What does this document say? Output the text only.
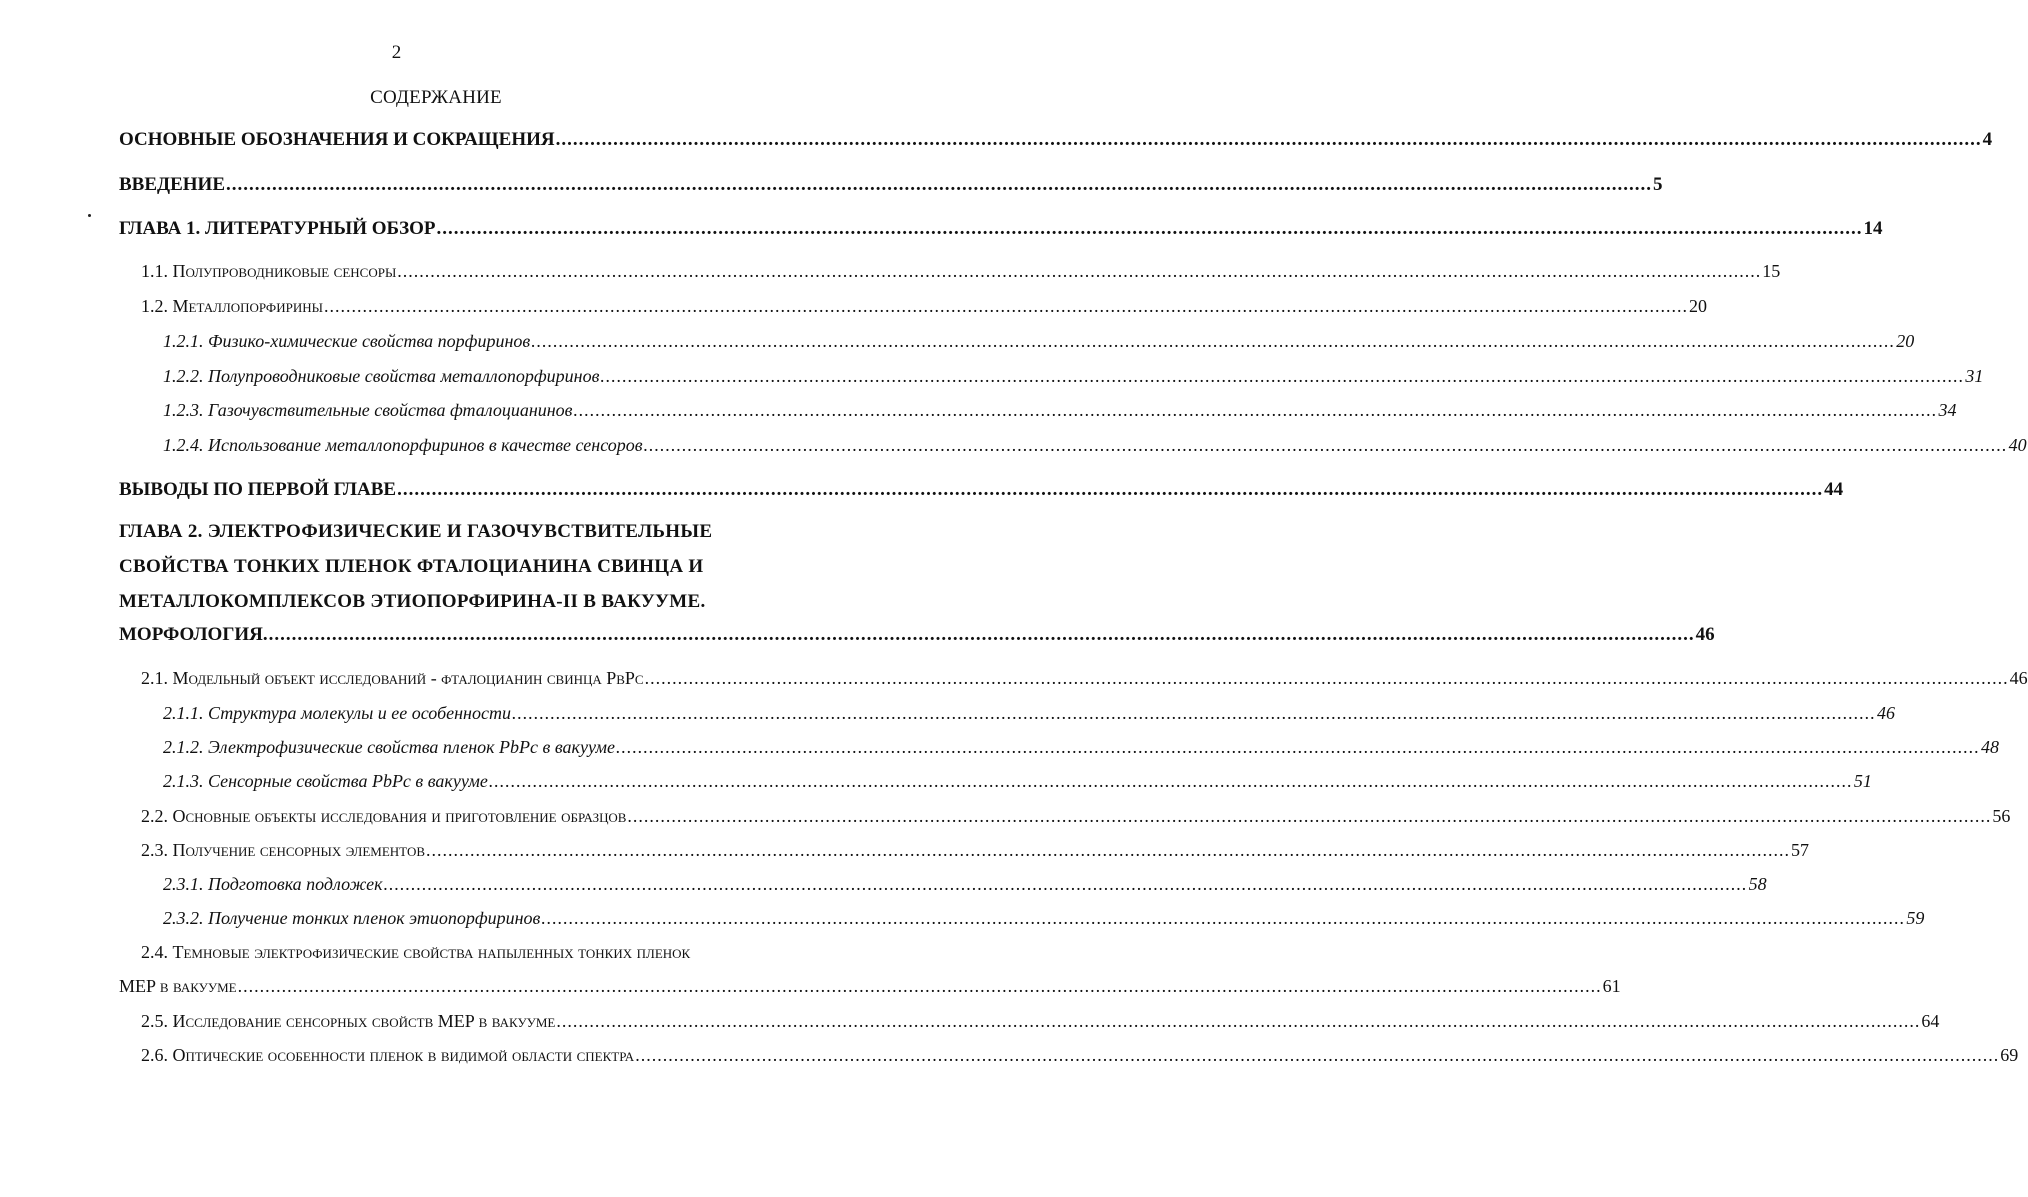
2
СОДЕРЖАНИЕ
ОСНОВНЫЕ ОБОЗНАЧЕНИЯ И СОКРАЩЕНИЯ .....	4
ВВЕДЕНИЕ .....	5
ГЛАВА 1. ЛИТЕРАТУРНЫЙ ОБЗОР .....	14
1.1. Полупроводниковые сенсоры .....	15
1.2. Металлопорфирины .....	20
1.2.1. Физико-химические свойства порфиринов .....	20
1.2.2. Полупроводниковые свойства металлопорфиринов .....	31
1.2.3. Газочувствительные свойства фталоцианинов .....	34
1.2.4. Использование металлопорфиринов в качестве сенсоров .....	40
ВЫВОДЫ ПО ПЕРВОЙ ГЛАВЕ .....	44
ГЛАВА 2. ЭЛЕКТРОФИЗИЧЕСКИЕ И ГАЗОЧУВСТВИТЕЛЬНЫЕ
СВОЙСТВА ТОНКИХ ПЛЕНОК ФТАЛОЦИАНИНА СВИНЦА И
МЕТАЛЛОКОМПЛЕКСОВ ЭТИОПОРФИРИНА-II В ВАКУУМЕ.
МОРФОЛОГИЯ. .....	46
2.1. Модельный объект исследований - фталоцианин свинца PbPc .....	46
2.1.1. Структура молекулы и ее особенности .....	46
2.1.2. Электрофизические свойства пленок PbPc в вакууме .....	48
2.1.3. Сенсорные свойства PbPc в вакууме .....	51
2.2. Основные объекты исследования и приготовление образцов .....	56
2.3. Получение сенсорных элементов .....	57
2.3.1. Подготовка подложек .....	58
2.3.2. Получение тонких пленок этиопорфиринов .....	59
2.4. Темновые электрофизические свойства напыленных тонких пленок
MEP в вакууме .....	61
2.5. Исследование сенсорных свойств MEP в вакууме .....	64
2.6. Оптические особенности пленок в видимой области спектра .....	69
